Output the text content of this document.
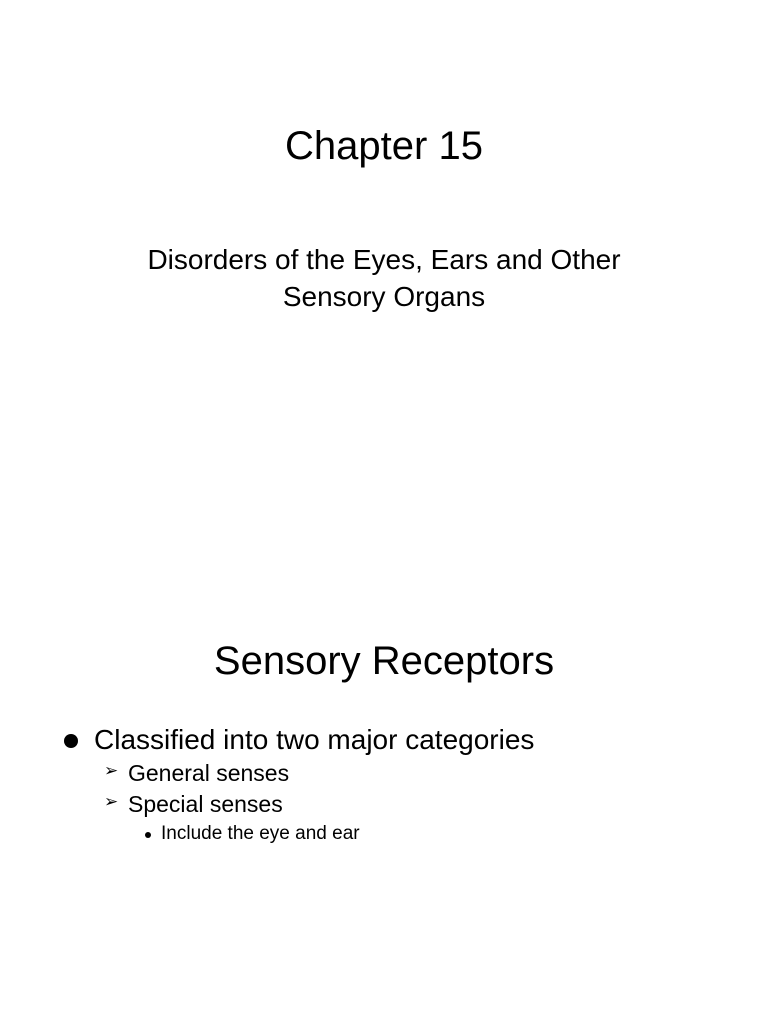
Chapter 15

Disorders of the Eyes, Ears and Other
Sensory Organs

Sensory Receptors
Classified into two major categories
➢ General senses
➢ Special senses
Include the eye and ear
